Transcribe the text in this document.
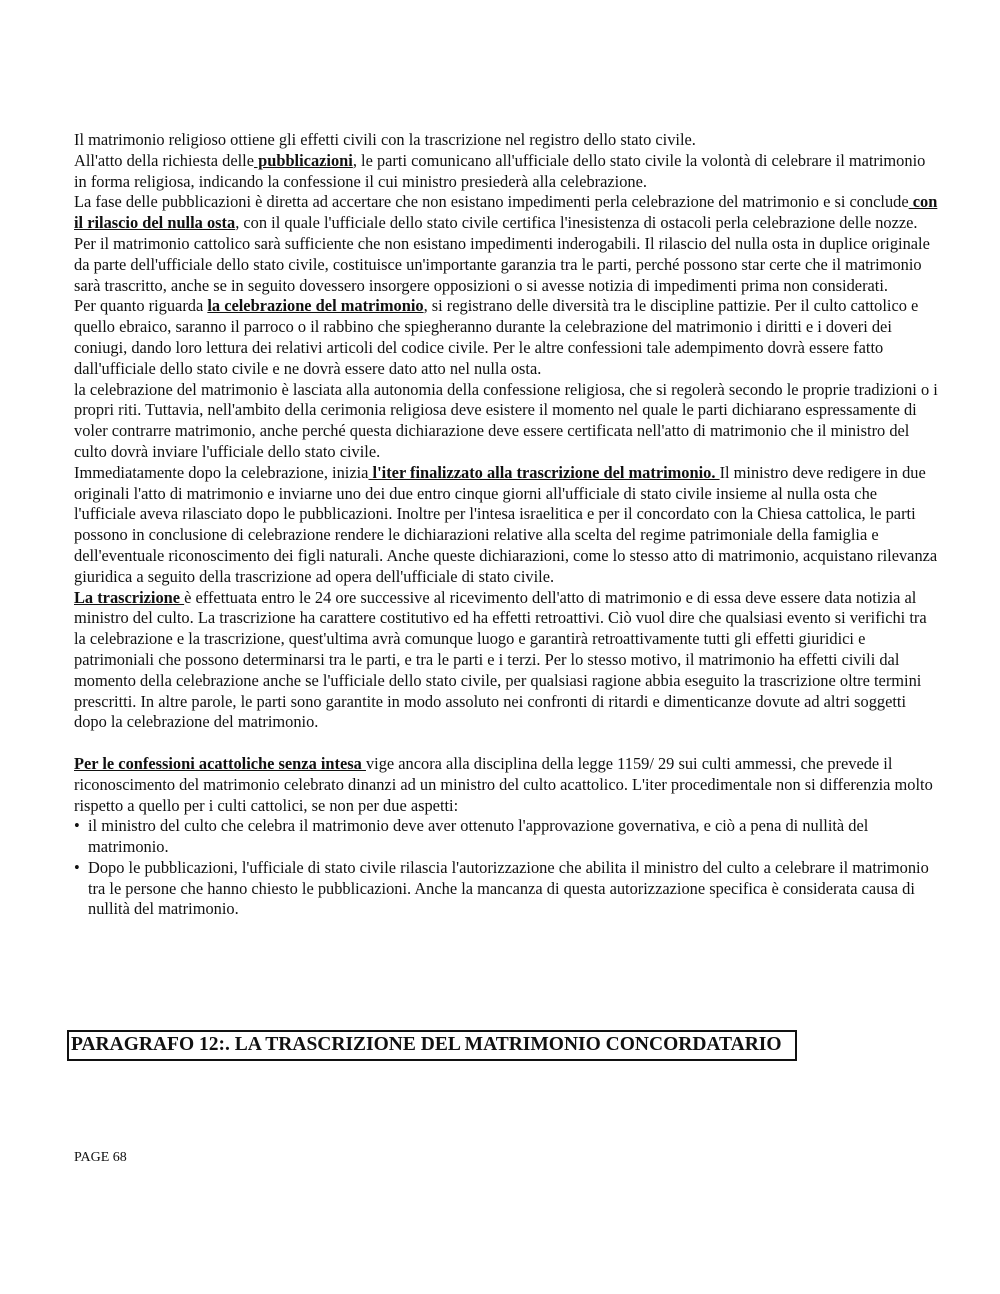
Il matrimonio religioso ottiene gli effetti civili con la trascrizione nel registro dello stato civile.

All'atto della richiesta delle pubblicazioni, le parti comunicano all'ufficiale dello stato civile la volontà di celebrare il matrimonio in forma religiosa, indicando la confessione il cui ministro presiederà alla celebrazione.

La fase delle pubblicazioni è diretta ad accertare che non esistano impedimenti perla celebrazione del matrimonio e si conclude con il rilascio del nulla osta, con il quale l'ufficiale dello stato civile certifica l'inesistenza di ostacoli perla celebrazione delle nozze. Per il matrimonio cattolico sarà sufficiente che non esistano impedimenti inderogabili. Il rilascio del nulla osta in duplice originale da parte dell'ufficiale dello stato civile, costituisce un'importante garanzia tra le parti, perché possono star certe che il matrimonio sarà trascritto, anche se in seguito dovessero insorgere opposizioni o si avesse notizia di impedimenti prima non considerati.

Per quanto riguarda la celebrazione del matrimonio, si registrano delle diversità tra le discipline pattizie. Per il culto cattolico e quello ebraico, saranno il parroco o il rabbino che spiegheranno durante la celebrazione del matrimonio i diritti e i doveri dei coniugi, dando loro lettura dei relativi articoli del codice civile. Per le altre confessioni tale adempimento dovrà essere fatto dall'ufficiale dello stato civile e ne dovrà essere dato atto nel nulla osta.

la celebrazione del matrimonio è lasciata alla autonomia della confessione religiosa, che si regolerà secondo le proprie tradizioni o i propri riti. Tuttavia, nell'ambito della cerimonia religiosa deve esistere il momento nel quale le parti dichiarano espressamente di voler contrarre matrimonio, anche perché questa dichiarazione deve essere certificata nell'atto di matrimonio che il ministro del culto dovrà inviare l'ufficiale dello stato civile.

Immediatamente dopo la celebrazione, inizia l'iter finalizzato alla trascrizione del matrimonio. Il ministro deve redigere in due originali l'atto di matrimonio e inviarne uno dei due entro cinque giorni all'ufficiale di stato civile insieme al nulla osta che l'ufficiale aveva rilasciato dopo le pubblicazioni. Inoltre per l'intesa israelitica e per il concordato con la Chiesa cattolica, le parti possono in conclusione di celebrazione rendere le dichiarazioni relative alla scelta del regime patrimoniale della famiglia e dell'eventuale riconoscimento dei figli naturali. Anche queste dichiarazioni, come lo stesso atto di matrimonio, acquistano rilevanza giuridica a seguito della trascrizione ad opera dell'ufficiale di stato civile.

La trascrizione è effettuata entro le 24 ore successive al ricevimento dell'atto di matrimonio e di essa deve essere data notizia al ministro del culto. La trascrizione ha carattere costitutivo ed ha effetti retroattivi. Ciò vuol dire che qualsiasi evento si verifichi tra la celebrazione e la trascrizione, quest'ultima avrà comunque luogo e garantirà retroattivamente tutti gli effetti giuridici e patrimoniali che possono determinarsi tra le parti, e tra le parti e i terzi. Per lo stesso motivo, il matrimonio ha effetti civili dal momento della celebrazione anche se l'ufficiale dello stato civile, per qualsiasi ragione abbia eseguito la trascrizione oltre termini prescritti. In altre parole, le parti sono garantite in modo assoluto nei confronti di ritardi e dimenticanze dovute ad altri soggetti dopo la celebrazione del matrimonio.

Per le confessioni acattoliche senza intesa vige ancora alla disciplina della legge 1159/ 29 sui culti ammessi, che prevede il riconoscimento del matrimonio celebrato dinanzi ad un ministro del culto acattolico. L'iter procedimentale non si differenzia molto rispetto a quello per i culti cattolici, se non per due aspetti:

• il ministro del culto che celebra il matrimonio deve aver ottenuto l'approvazione governativa, e ciò a pena di nullità del matrimonio.
• Dopo le pubblicazioni, l'ufficiale di stato civile rilascia l'autorizzazione che abilita il ministro del culto a celebrare il matrimonio tra le persone che hanno chiesto le pubblicazioni. Anche la mancanza di questa autorizzazione specifica è considerata causa di nullità del matrimonio.
PARAGRAFO 12:. LA TRASCRIZIONE DEL MATRIMONIO CONCORDATARIO
PAGE 68
